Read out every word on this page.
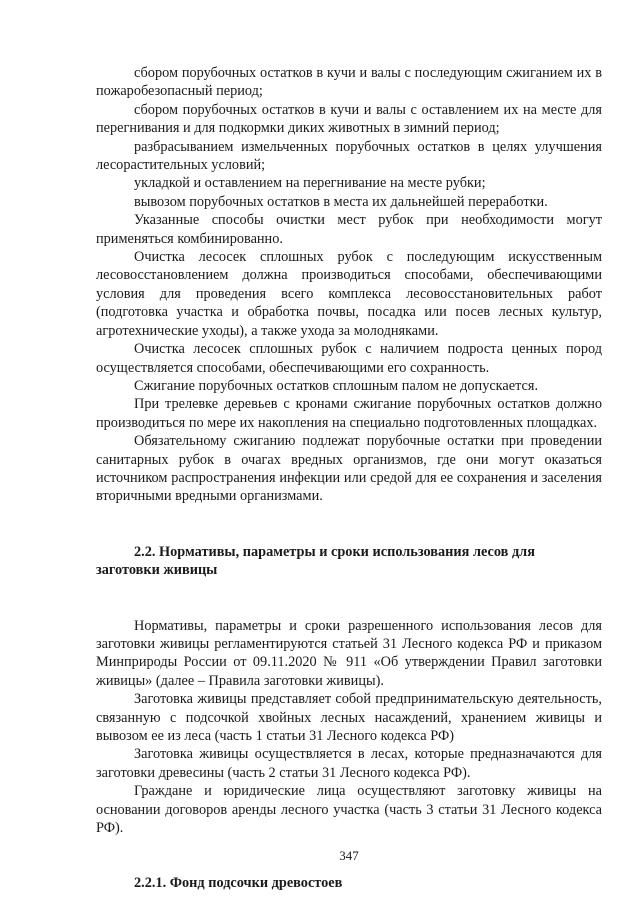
сбором порубочных остатков в кучи и валы с последующим сжиганием их в пожаробезопасный период;

сбором порубочных остатков в кучи и валы с оставлением их на месте для перегнивания и для подкормки диких животных в зимний период;

разбрасыванием измельченных порубочных остатков в целях улучшения лесорастительных условий;

укладкой и оставлением на перегнивание на месте рубки;

вывозом порубочных остатков в места их дальнейшей переработки.

Указанные способы очистки мест рубок при необходимости могут применяться комбинированно.

Очистка лесосек сплошных рубок с последующим искусственным лесовосстановлением должна производиться способами, обеспечивающими условия для проведения всего комплекса лесовосстановительных работ (подготовка участка и обработка почвы, посадка или посев лесных культур, агротехнические уходы), а также ухода за молодняками.

Очистка лесосек сплошных рубок с наличием подроста ценных пород осуществляется способами, обеспечивающими его сохранность.

Сжигание порубочных остатков сплошным палом не допускается.

При трелевке деревьев с кронами сжигание порубочных остатков должно производиться по мере их накопления на специально подготовленных площадках.

Обязательному сжиганию подлежат порубочные остатки при проведении санитарных рубок в очагах вредных организмов, где они могут оказаться источником распространения инфекции или средой для ее сохранения и заселения вторичными вредными организмами.

2.2. Нормативы, параметры и сроки использования лесов для заготовки живицы

Нормативы, параметры и сроки разрешенного использования лесов для заготовки живицы регламентируются статьей 31 Лесного кодекса РФ и приказом Минприроды России от 09.11.2020 № 911 «Об утверждении Правил заготовки живицы» (далее – Правила заготовки живицы).

Заготовка живицы представляет собой предпринимательскую деятельность, связанную с подсочкой хвойных лесных насаждений, хранением живицы и вывозом ее из леса (часть 1 статьи 31 Лесного кодекса РФ)

Заготовка живицы осуществляется в лесах, которые предназначаются для заготовки древесины (часть 2 статьи 31 Лесного кодекса РФ).

Граждане и юридические лица осуществляют заготовку живицы на основании договоров аренды лесного участка (часть 3 статьи 31 Лесного кодекса РФ).

2.2.1. Фонд подсочки древостоев
347
